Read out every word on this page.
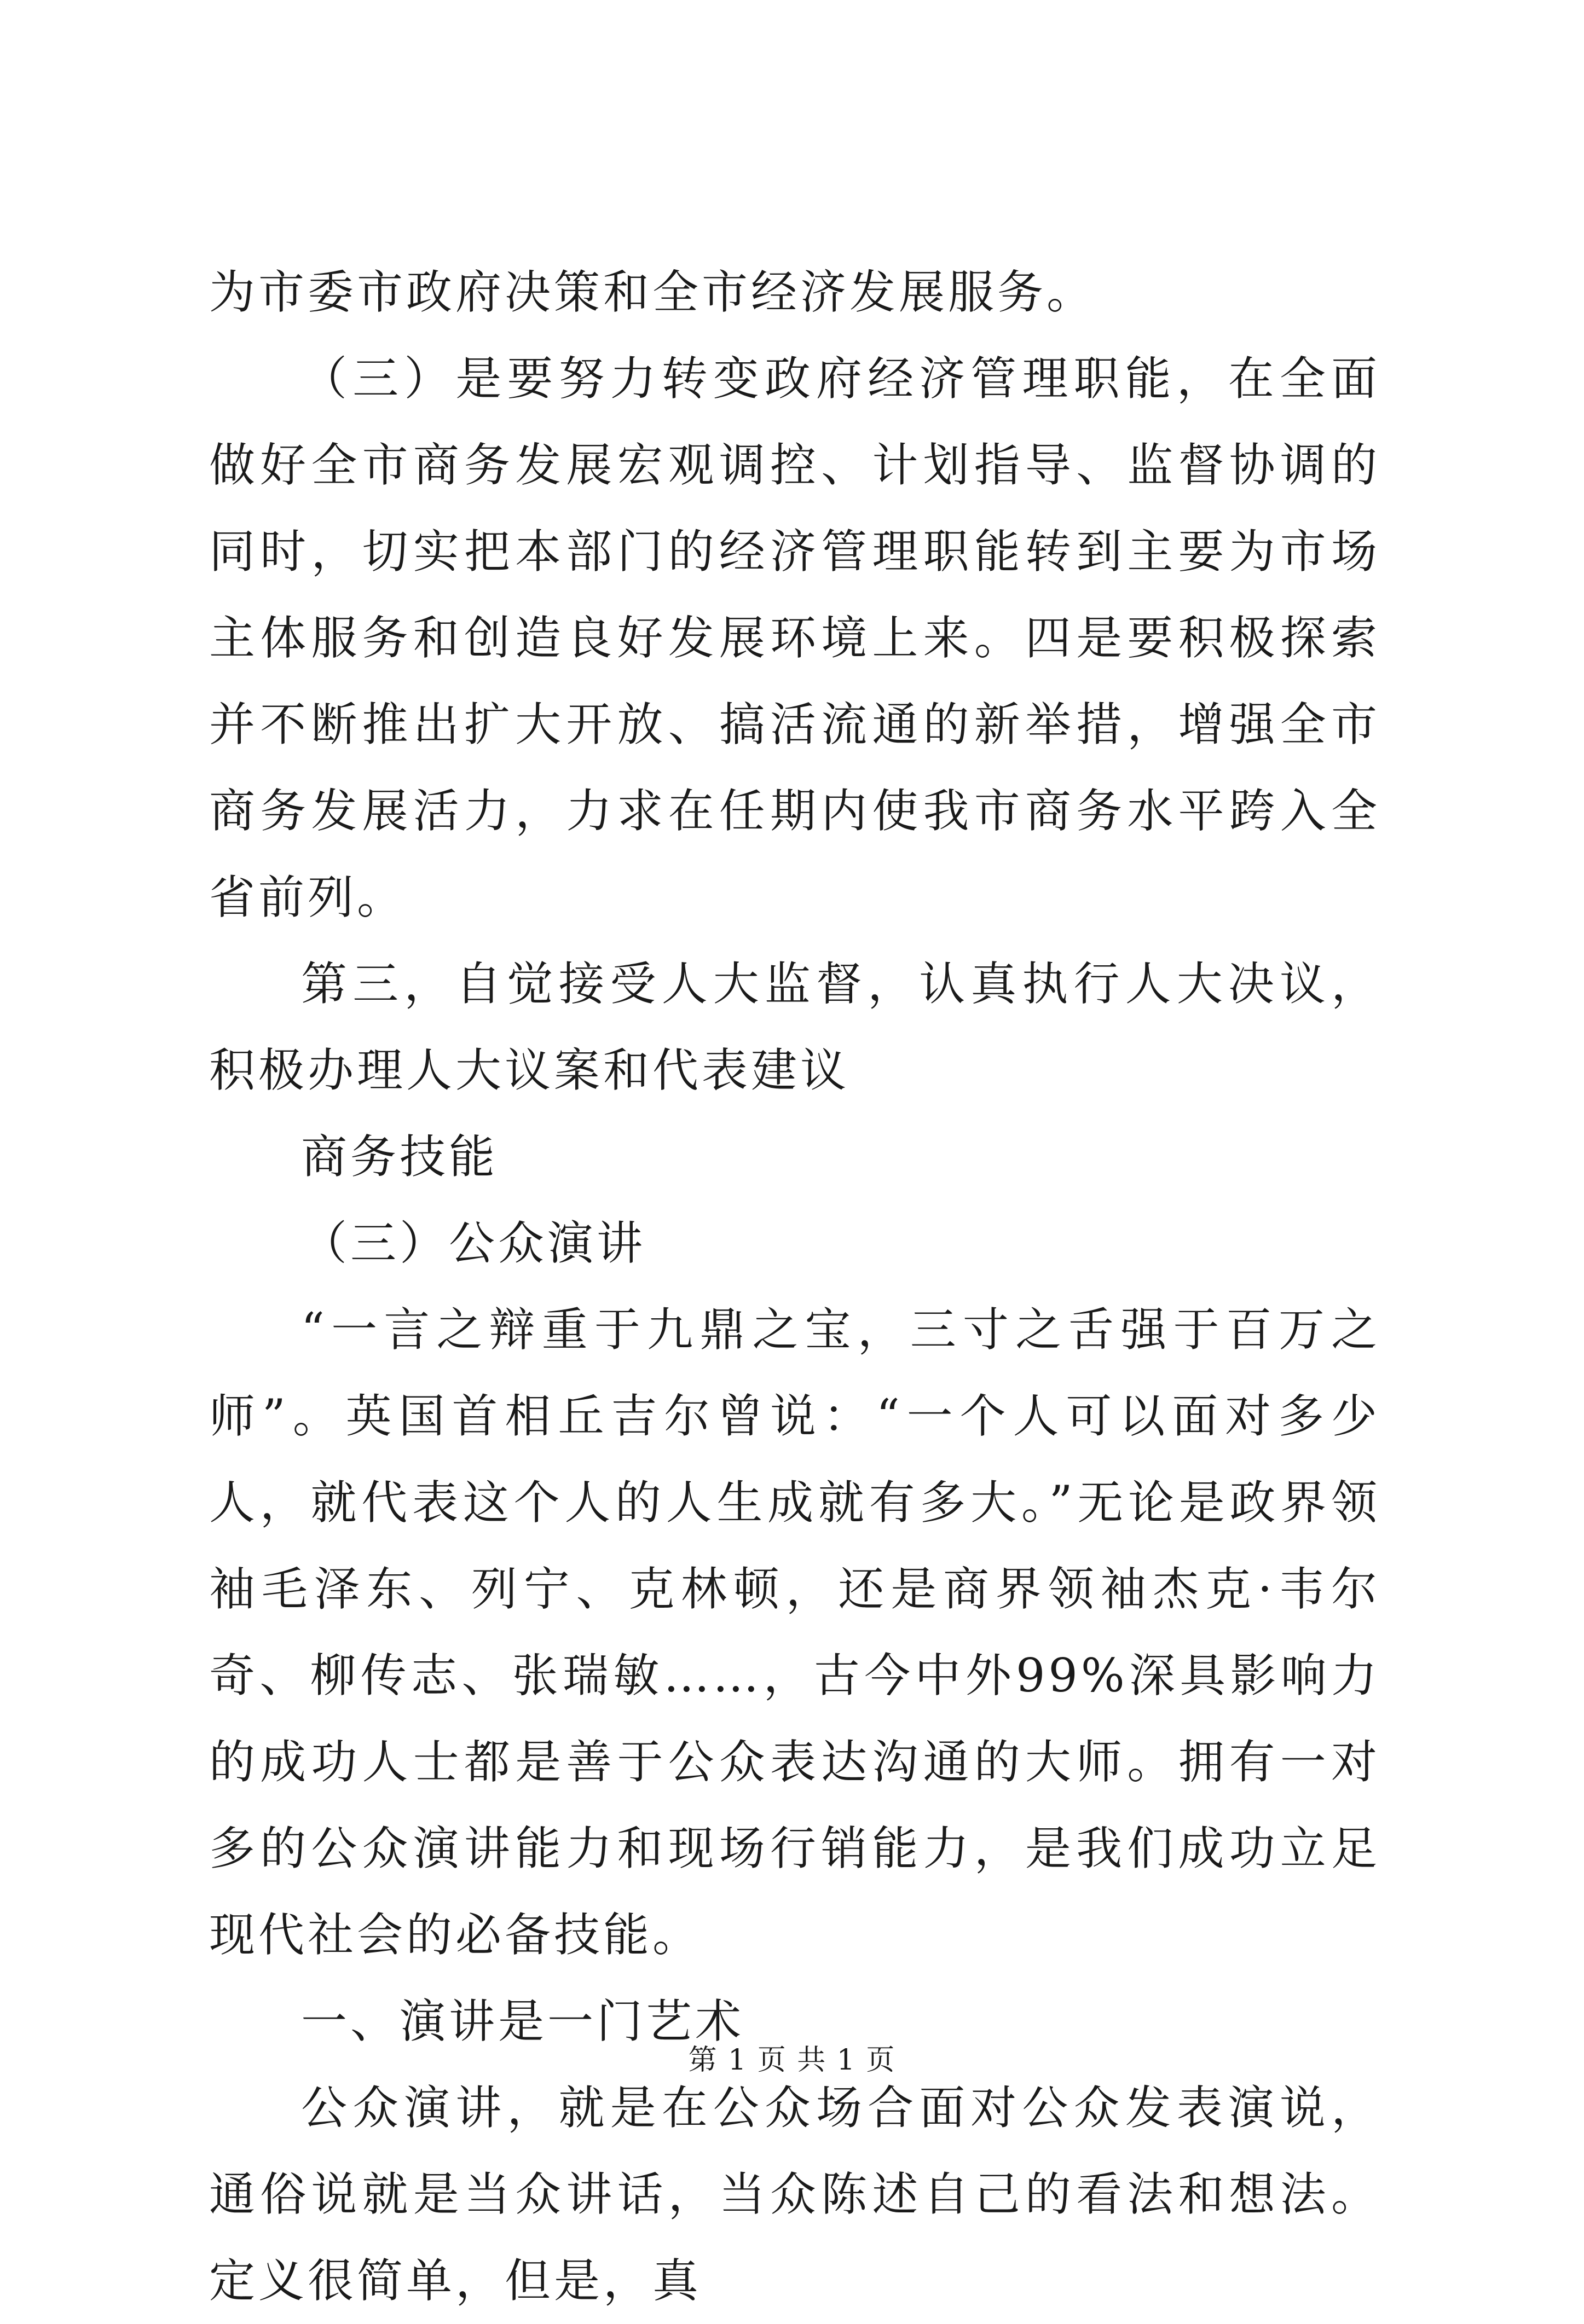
为市委市政府决策和全市经济发展服务。

（三）是要努力转变政府经济管理职能，在全面做好全市商务发展宏观调控、计划指导、监督协调的同时，切实把本部门的经济管理职能转到主要为市场主体服务和创造良好发展环境上来。四是要积极探索并不断推出扩大开放、搞活流通的新举措，增强全市商务发展活力，力求在任期内使我市商务水平跨入全省前列。

第三，自觉接受人大监督，认真执行人大决议，积极办理人大议案和代表建议

商务技能

（三）公众演讲

“一言之辩重于九鼎之宝，三寸之舌强于百万之师”。英国首相丘吉尔曾说：“一个人可以面对多少人，就代表这个人的人生成就有多大。”无论是政界领袖毛泽东、列宁、克林顿，还是商界领袖杰克·韦尔奇、柳传志、张瑞敏……，古今中外99%深具影响力的成功人士都是善于公众表达沟通的大师。拥有一对多的公众演讲能力和现场行销能力，是我们成功立足现代社会的必备技能。

一、演讲是一门艺术

公众演讲，就是在公众场合面对公众发表演说，通俗说就是当众讲话，当众陈述自己的看法和想法。定义很简单，但是，真

第 1 页 共 1 页
